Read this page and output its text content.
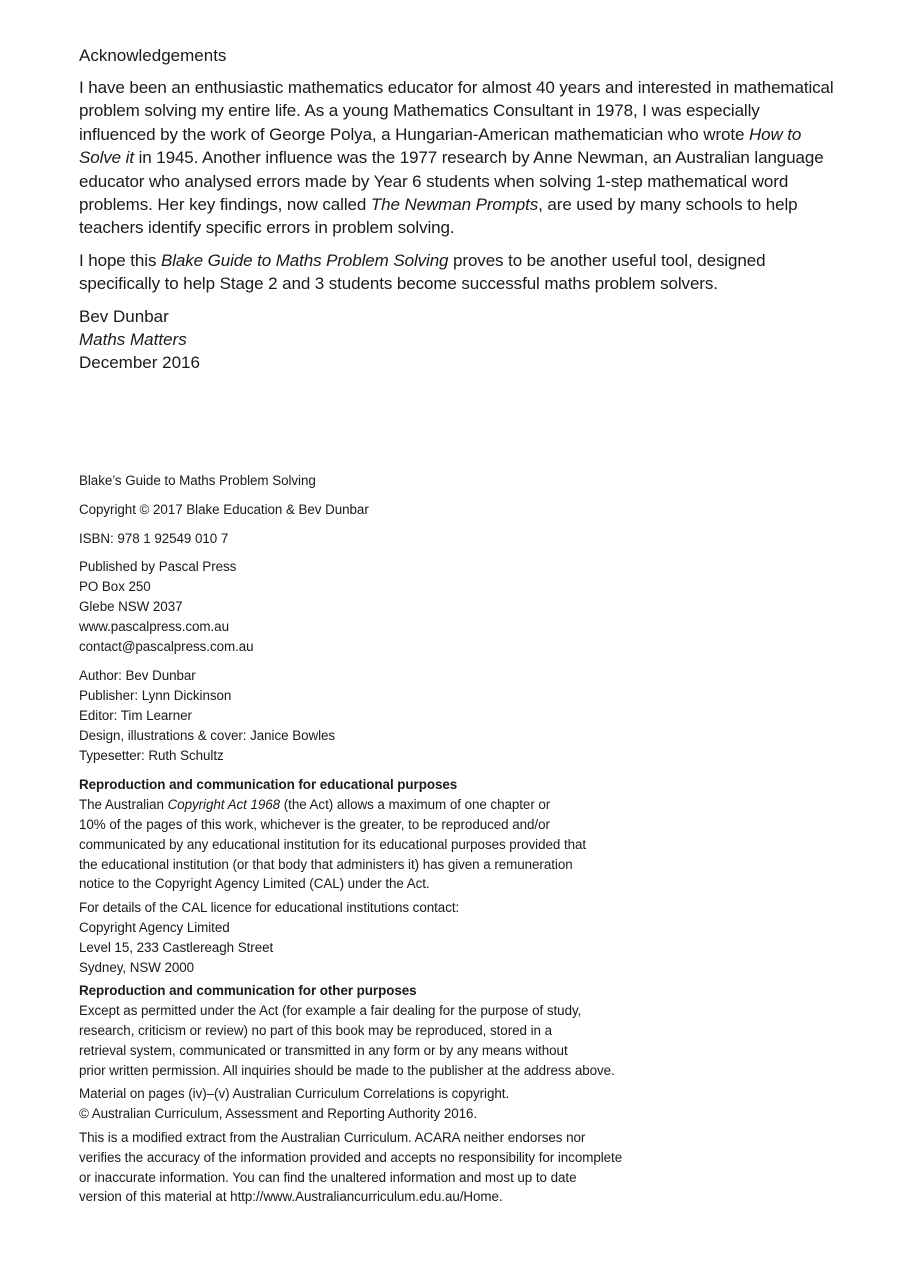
Acknowledgements

I have been an enthusiastic mathematics educator for almost 40 years and interested in mathematical problem solving my entire life. As a young Mathematics Consultant in 1978, I was especially influenced by the work of George Polya, a Hungarian-American mathematician who wrote How to Solve it in 1945. Another influence was the 1977 research by Anne Newman, an Australian language educator who analysed errors made by Year 6 students when solving 1-step mathematical word problems. Her key findings, now called The Newman Prompts, are used by many schools to help teachers identify specific errors in problem solving.

I hope this Blake Guide to Maths Problem Solving proves to be another useful tool, designed specifically to help Stage 2 and 3 students become successful maths problem solvers.

Bev Dunbar

Maths Matters

December 2016

Blake’s Guide to Maths Problem Solving

Copyright © 2017 Blake Education & Bev Dunbar

ISBN: 978 1 92549 010 7

Published by Pascal Press
PO Box 250
Glebe NSW 2037
www.pascalpress.com.au
contact@pascalpress.com.au
Author: Bev Dunbar
Publisher: Lynn Dickinson
Editor: Tim Learner
Design, illustrations & cover: Janice Bowles
Typesetter: Ruth Schultz
Reproduction and communication for educational purposes
The Australian Copyright Act 1968 (the Act) allows a maximum of one chapter or
10% of the pages of this work, whichever is the greater, to be reproduced and/or
communicated by any educational institution for its educational purposes provided that
the educational institution (or that body that administers it) has given a remuneration
notice to the Copyright Agency Limited (CAL) under the Act.
For details of the CAL licence for educational institutions contact:
Copyright Agency Limited
Level 15, 233 Castlereagh Street
Sydney, NSW 2000
Reproduction and communication for other purposes
Except as permitted under the Act (for example a fair dealing for the purpose of study,
research, criticism or review) no part of this book may be reproduced, stored in a
retrieval system, communicated or transmitted in any form or by any means without
prior written permission. All inquiries should be made to the publisher at the address above.
Material on pages (iv)–(v) Australian Curriculum Correlations is copyright.
© Australian Curriculum, Assessment and Reporting Authority 2016.
This is a modified extract from the Australian Curriculum. ACARA neither endorses nor
verifies the accuracy of the information provided and accepts no responsibility for incomplete
or inaccurate information. You can find the unaltered information and most up to date
version of this material at http://www.Australiancurriculum.edu.au/Home.
